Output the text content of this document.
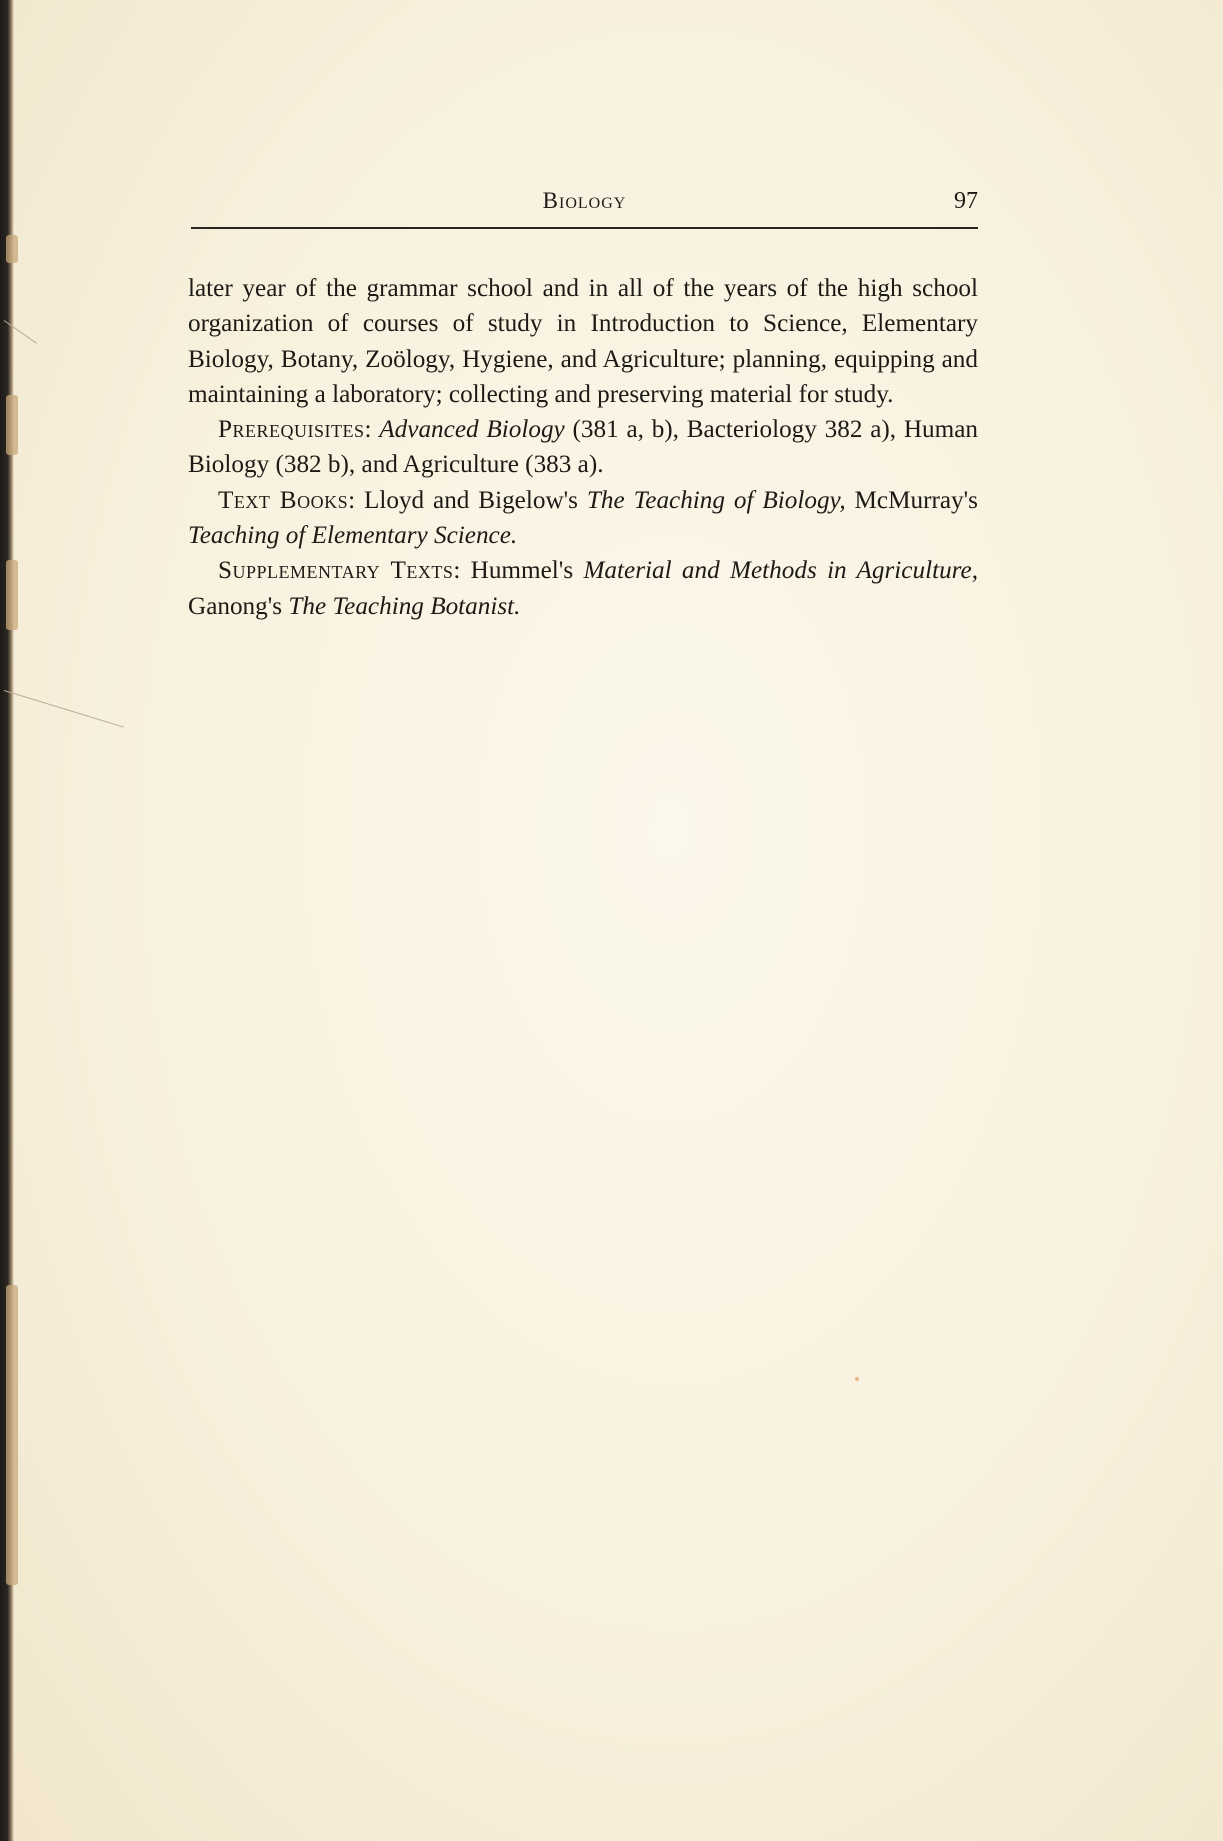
Biology	97

later year of the grammar school and in all of the years of the high school organization of courses of study in Introduction to Science, Elementary Biology, Botany, Zoölogy, Hygiene, and Agriculture; planning, equipping and maintaining a laboratory; collecting and preserving material for study.

Prerequisites: Advanced Biology (381 a, b), Bacteriology 382 a), Human Biology (382 b), and Agriculture (383 a).

Text Books: Lloyd and Bigelow's The Teaching of Biology, McMurray's Teaching of Elementary Science.

Supplementary Texts: Hummel's Material and Methods in Agriculture, Ganong's The Teaching Botanist.
